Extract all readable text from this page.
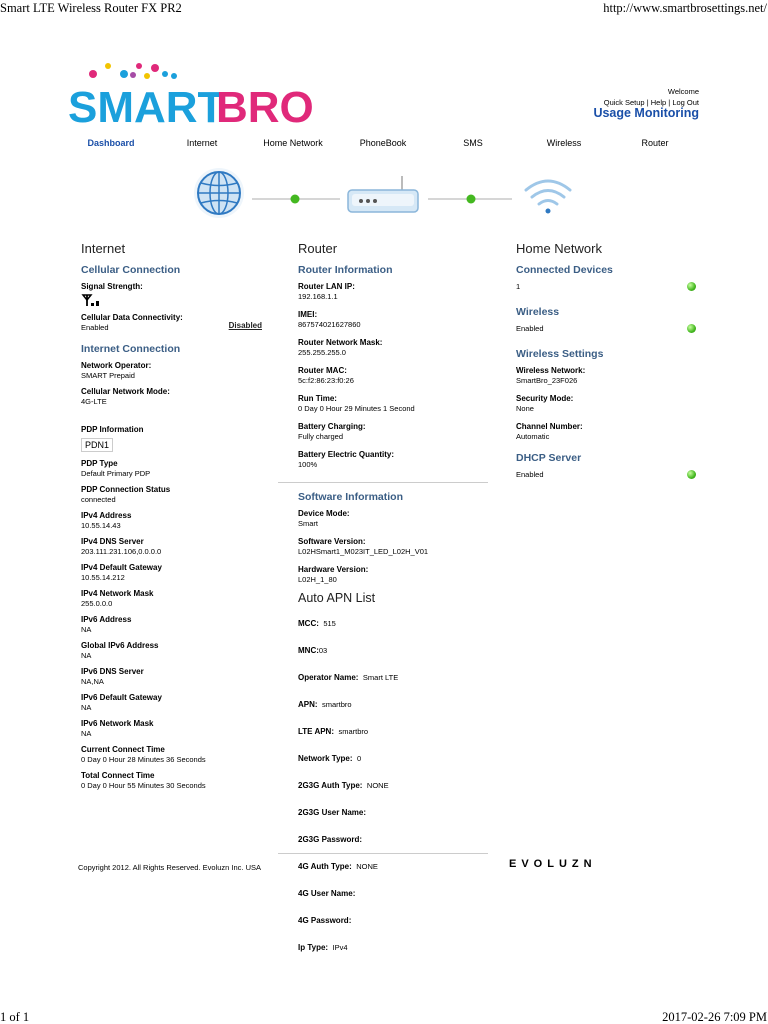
Smart LTE Wireless Router FX PR2	http://www.smartbrosettings.net/
SMART
BRO	Welcome
Quick Setup | Help | Log Out
Usage Monitoring
Dashboard	Internet	Home Network	PhoneBook	SMS	Wireless	Router
Internet
Cellular Connection
Signal Strength:
Cellular Data Connectivity:
Enabled	Disabled
Internet Connection
Network Operator:
SMART Prepaid
Cellular Network Mode:
4G-LTE
PDP Information
PDN1
PDP Type
Default Primary PDP
PDP Connection Status
connected
IPv4 Address
10.55.14.43
IPv4 DNS Server
203.111.231.106,0.0.0.0
IPv4 Default Gateway
10.55.14.212
IPv4 Network Mask
255.0.0.0
IPv6 Address
NA
Global IPv6 Address
NA
IPv6 DNS Server
NA,NA
IPv6 Default Gateway
NA
IPv6 Network Mask
NA
Current Connect Time
0 Day 0 Hour 28 Minutes 36 Seconds
Total Connect Time
0 Day 0 Hour 55 Minutes 30 Seconds
Router
Router Information
Router LAN IP:
192.168.1.1
IMEI:
867574021627860
Router Network Mask:
255.255.255.0
Router MAC:
5c:f2:86:23:f0:26
Run Time:
0 Day 0 Hour 29 Minutes 1 Second
Battery Charging:
Fully charged
Battery Electric Quantity:
100%
Software Information
Device Mode:
Smart
Software Version:
L02HSmart1_M023IT_LED_L02H_V01
Hardware Version:
L02H_1_80
Auto APN List
MCC: 515
MNC:03
Operator Name: Smart LTE
APN: smartbro
LTE APN: smartbro
Network Type: 0
2G3G Auth Type: NONE
2G3G User Name:
2G3G Password:
4G Auth Type: NONE
4G User Name:
4G Password:
Ip Type: IPv4
Home Network
Connected Devices
1
Wireless
Enabled
Wireless Settings
Wireless Network:
SmartBro_23F026
Security Mode:
None
Channel Number:
Automatic
DHCP Server
Enabled
Copyright 2012. All Rights Reserved. Evoluzn Inc. USA	EVOLUZN
1 of 1	2017-02-26 7:09 PM
